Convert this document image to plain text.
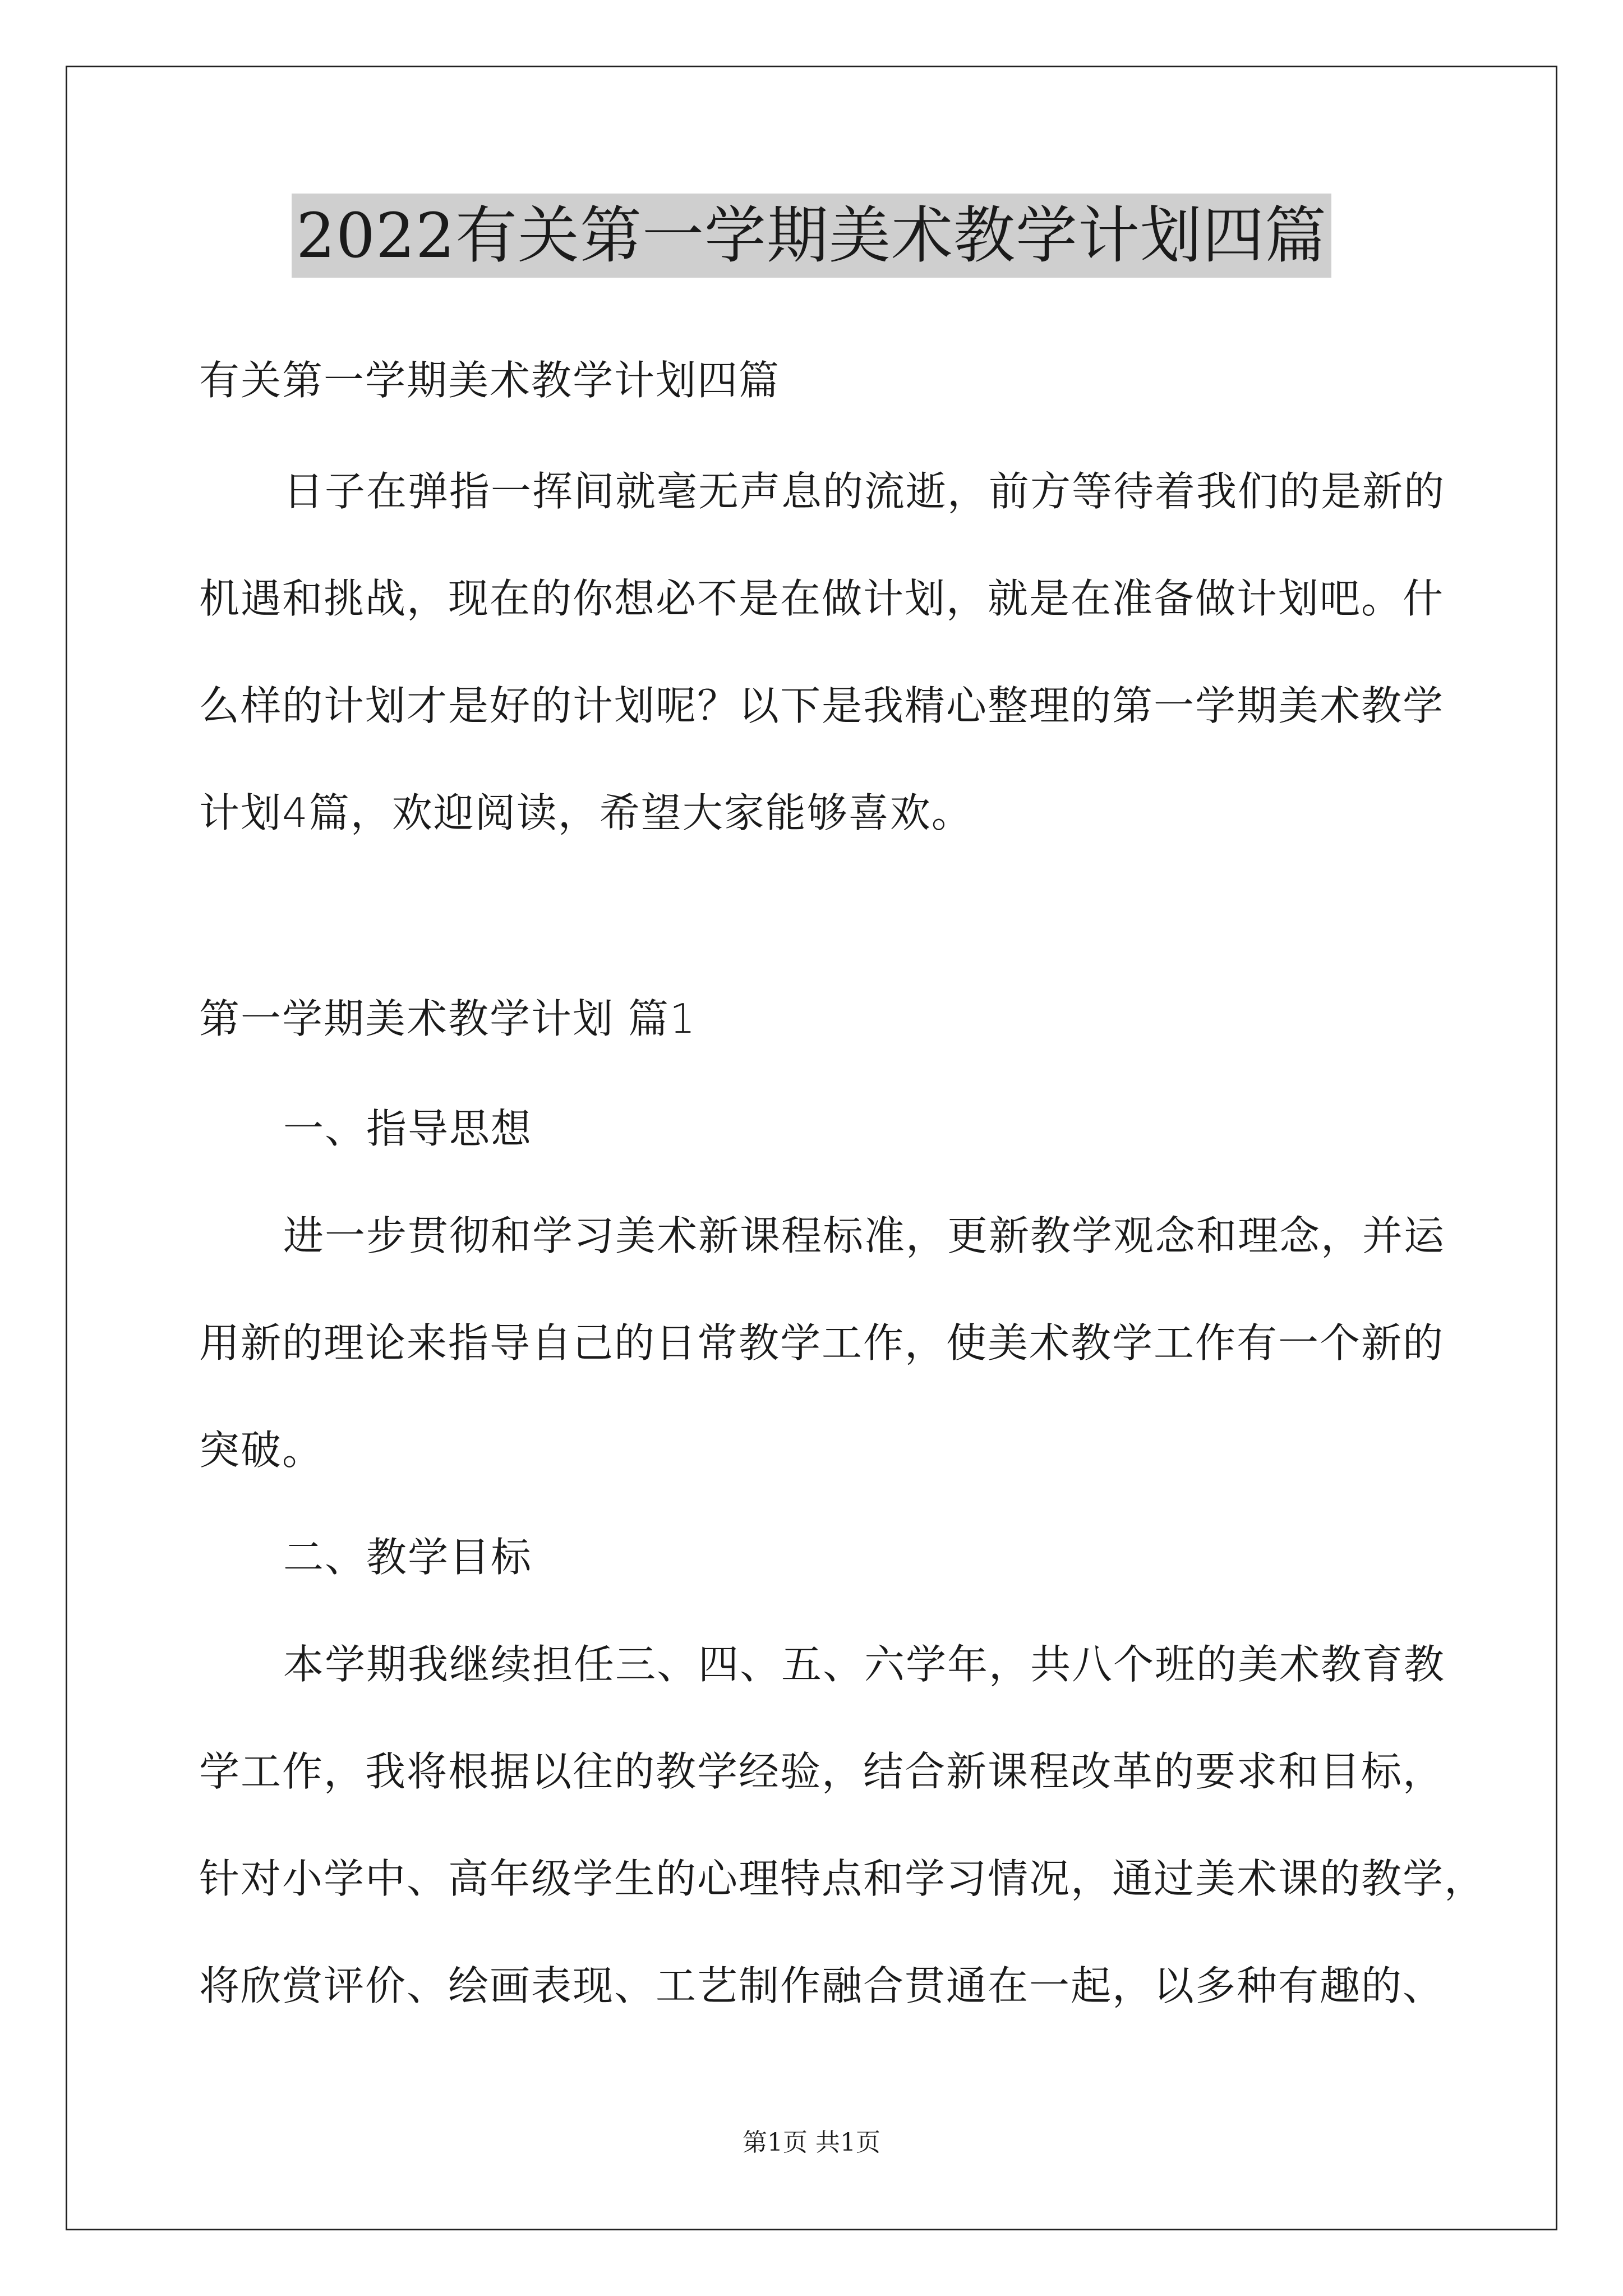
2022有关第一学期美术教学计划四篇
有关第一学期美术教学计划四篇
日子在弹指一挥间就毫无声息的流逝，前方等待着我们的是新的
机遇和挑战，现在的你想必不是在做计划，就是在准备做计划吧。什
么样的计划才是好的计划呢？以下是我精心整理的第一学期美术教学
计划4篇，欢迎阅读，希望大家能够喜欢。
第一学期美术教学计划 篇1
一、指导思想
进一步贯彻和学习美术新课程标准，更新教学观念和理念，并运
用新的理论来指导自己的日常教学工作，使美术教学工作有一个新的
突破。
二、教学目标
本学期我继续担任三、四、五、六学年，共八个班的美术教育教
学工作，我将根据以往的教学经验，结合新课程改革的要求和目标，
针对小学中、高年级学生的心理特点和学习情况，通过美术课的教学，
将欣赏评价、绘画表现、工艺制作融合贯通在一起，以多种有趣的、
第1页 共1页
